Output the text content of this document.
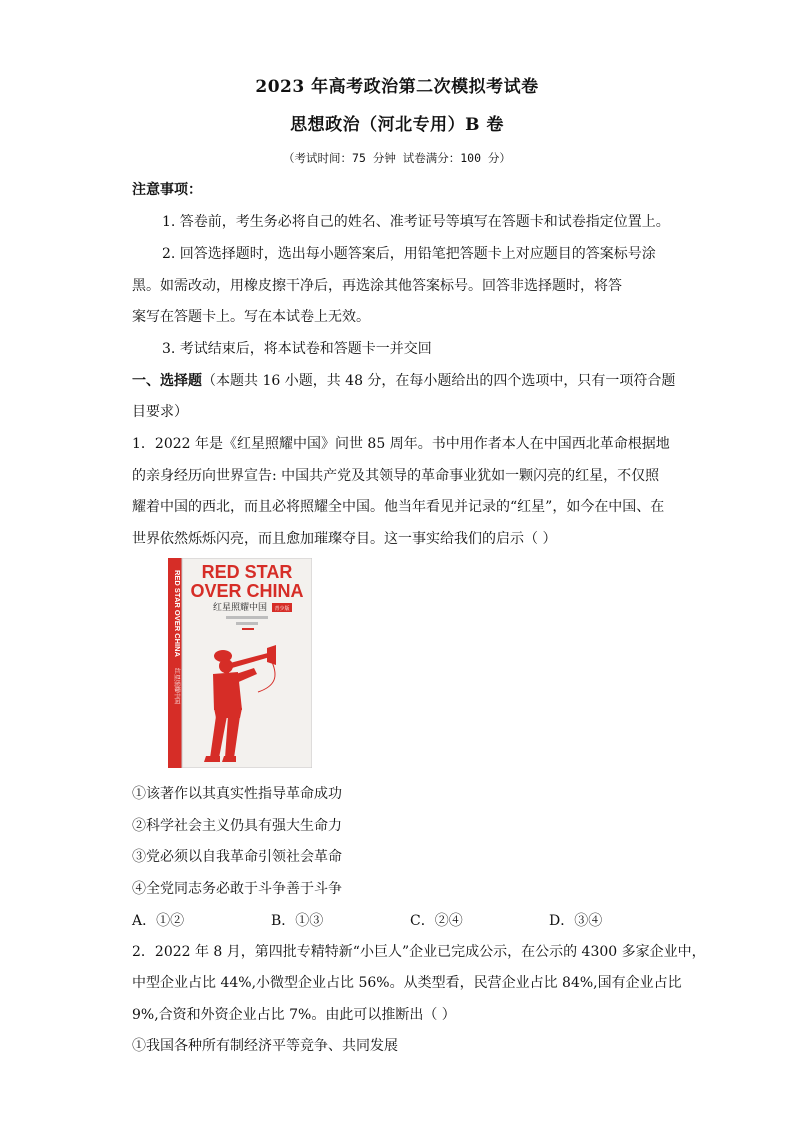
2023 年高考政治第二次模拟考试卷
思想政治（河北专用）B 卷
（考试时间：75 分钟 试卷满分：100 分）
注意事项：
1. 答卷前，考生务必将自己的姓名、准考证号等填写在答题卡和试卷指定位置上。
2. 回答选择题时，选出每小题答案后，用铅笔把答题卡上对应题目的答案标号涂
黑。如需改动，用橡皮擦干净后，再选涂其他答案标号。回答非选择题时，将答
案写在答题卡上。写在本试卷上无效。
3. 考试结束后，将本试卷和答题卡一并交回
一、选择题（本题共 16 小题，共 48 分，在每小题给出的四个选项中，只有一项符合题
目要求）
1．2022 年是《红星照耀中国》问世 85 周年。书中用作者本人在中国西北革命根据地
的亲身经历向世界宣告: 中国共产党及其领导的革命事业犹如一颗闪亮的红星，不仅照
耀着中国的西北，而且必将照耀全中国。他当年看见并记录的“红星”，如今在中国、在
世界依然烁烁闪亮，而且愈加璀璨夺目。这一事实给我们的启示（ ）
RED STAR OVER CHINA
红星照耀中国
RED STAR
OVER CHINA
红星照耀中国 青少版
①该著作以其真实性指导革命成功
②科学社会主义仍具有强大生命力
③党必须以自我革命引领社会革命
④全党同志务必敢于斗争善于斗争
A．①②	B．①③	C．②④	D．③④
2．2022 年 8 月，第四批专精特新“小巨人”企业已完成公示，在公示的 4300 多家企业中，
中型企业占比 44%,小微型企业占比 56%。从类型看，民营企业占比 84%,国有企业占比
9%,合资和外资企业占比 7%。由此可以推断出（ ）
①我国各种所有制经济平等竞争、共同发展
